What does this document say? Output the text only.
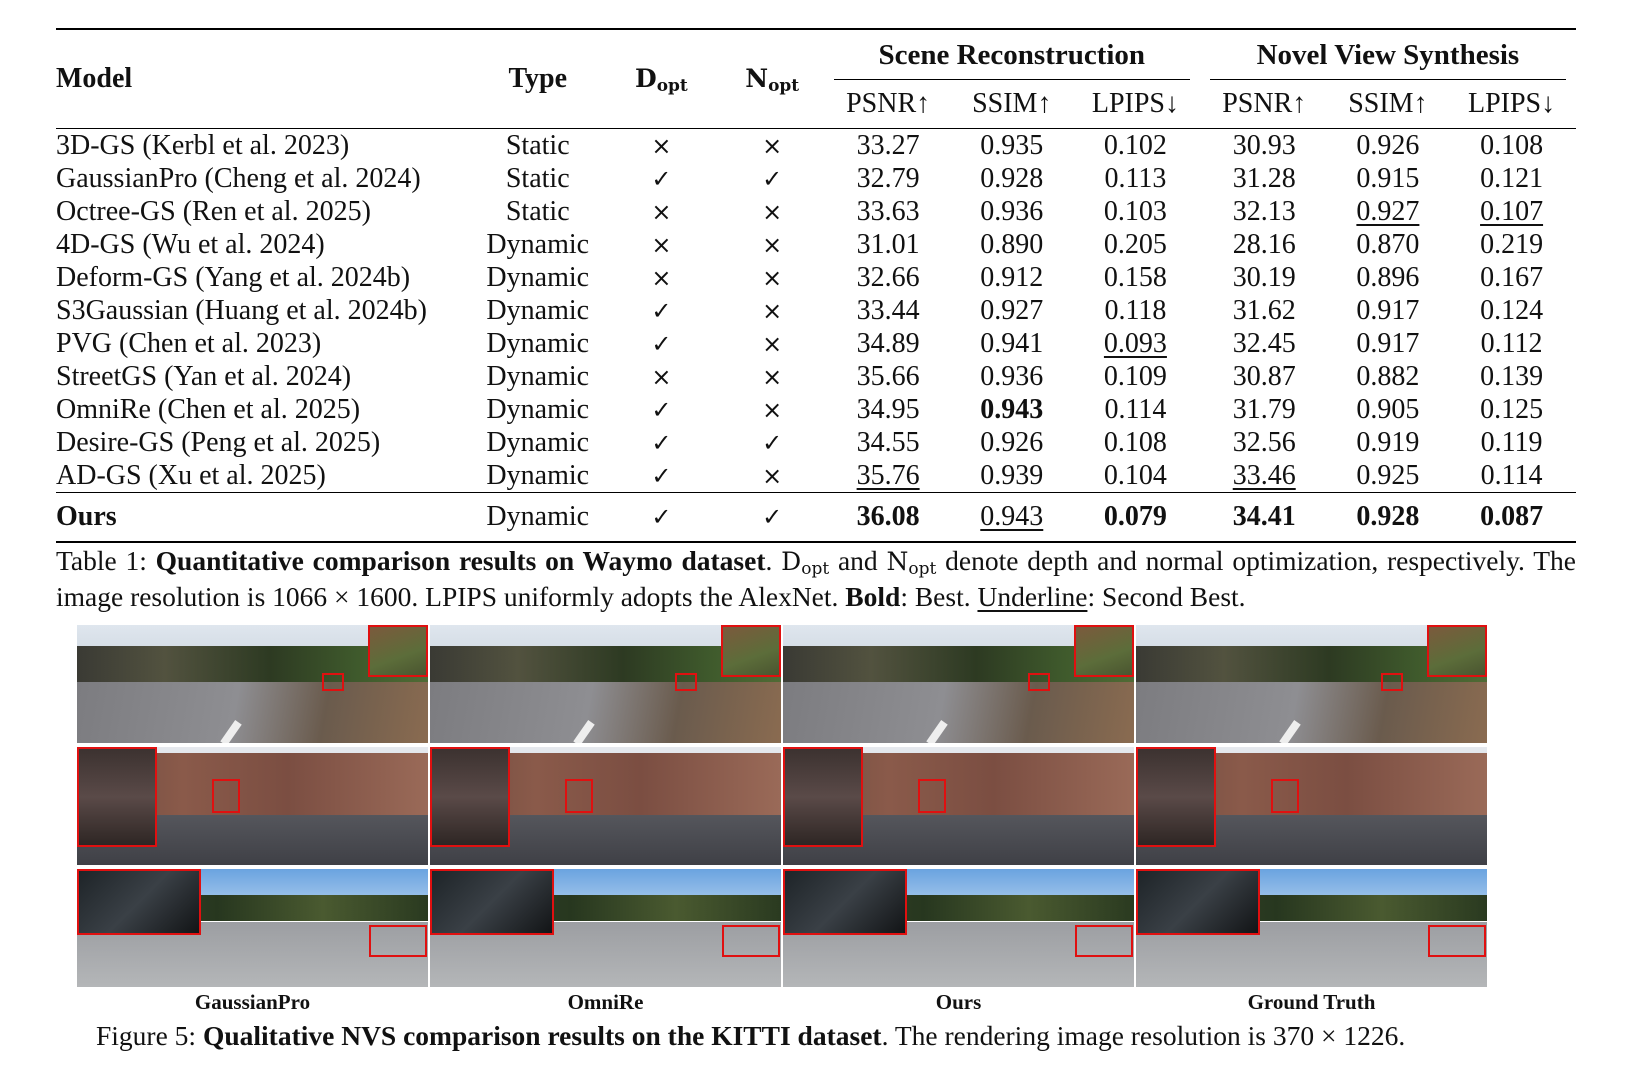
Model	Type	Dopt	Nopt	Scene Reconstruction			Novel View Synthesis		

				PSNR↑	SSIM↑	LPIPS↓	PSNR↑	SSIM↑	LPIPS↓
3D-GS (Kerbl et al. 2023)	Static	×	×	33.27	0.935	0.102	30.93	0.926	0.108
GaussianPro (Cheng et al. 2024)	Static	✓	✓	32.79	0.928	0.113	31.28	0.915	0.121
Octree-GS (Ren et al. 2025)	Static	×	×	33.63	0.936	0.103	32.13	0.927	0.107
4D-GS (Wu et al. 2024)	Dynamic	×	×	31.01	0.890	0.205	28.16	0.870	0.219
Deform-GS (Yang et al. 2024b)	Dynamic	×	×	32.66	0.912	0.158	30.19	0.896	0.167
S3Gaussian (Huang et al. 2024b)	Dynamic	✓	×	33.44	0.927	0.118	31.62	0.917	0.124
PVG (Chen et al. 2023)	Dynamic	✓	×	34.89	0.941	0.093	32.45	0.917	0.112
StreetGS (Yan et al. 2024)	Dynamic	×	×	35.66	0.936	0.109	30.87	0.882	0.139
OmniRe (Chen et al. 2025)	Dynamic	✓	×	34.95	0.943	0.114	31.79	0.905	0.125
Desire-GS (Peng et al. 2025)	Dynamic	✓	✓	34.55	0.926	0.108	32.56	0.919	0.119
AD-GS (Xu et al. 2025)	Dynamic	✓	×	35.76	0.939	0.104	33.46	0.925	0.114
Ours	Dynamic	✓	✓	36.08	0.943	0.079	34.41	0.928	0.087
Table 1: Quantitative comparison results on Waymo dataset. Dopt and Nopt denote depth and normal optimization, respectively. The image resolution is 1066 × 1600. LPIPS uniformly adopts the AlexNet. Bold: Best. Underline: Second Best.
GaussianPro	OmniRe	Ours	Ground Truth
Figure 5: Qualitative NVS comparison results on the KITTI dataset. The rendering image resolution is 370 × 1226.
